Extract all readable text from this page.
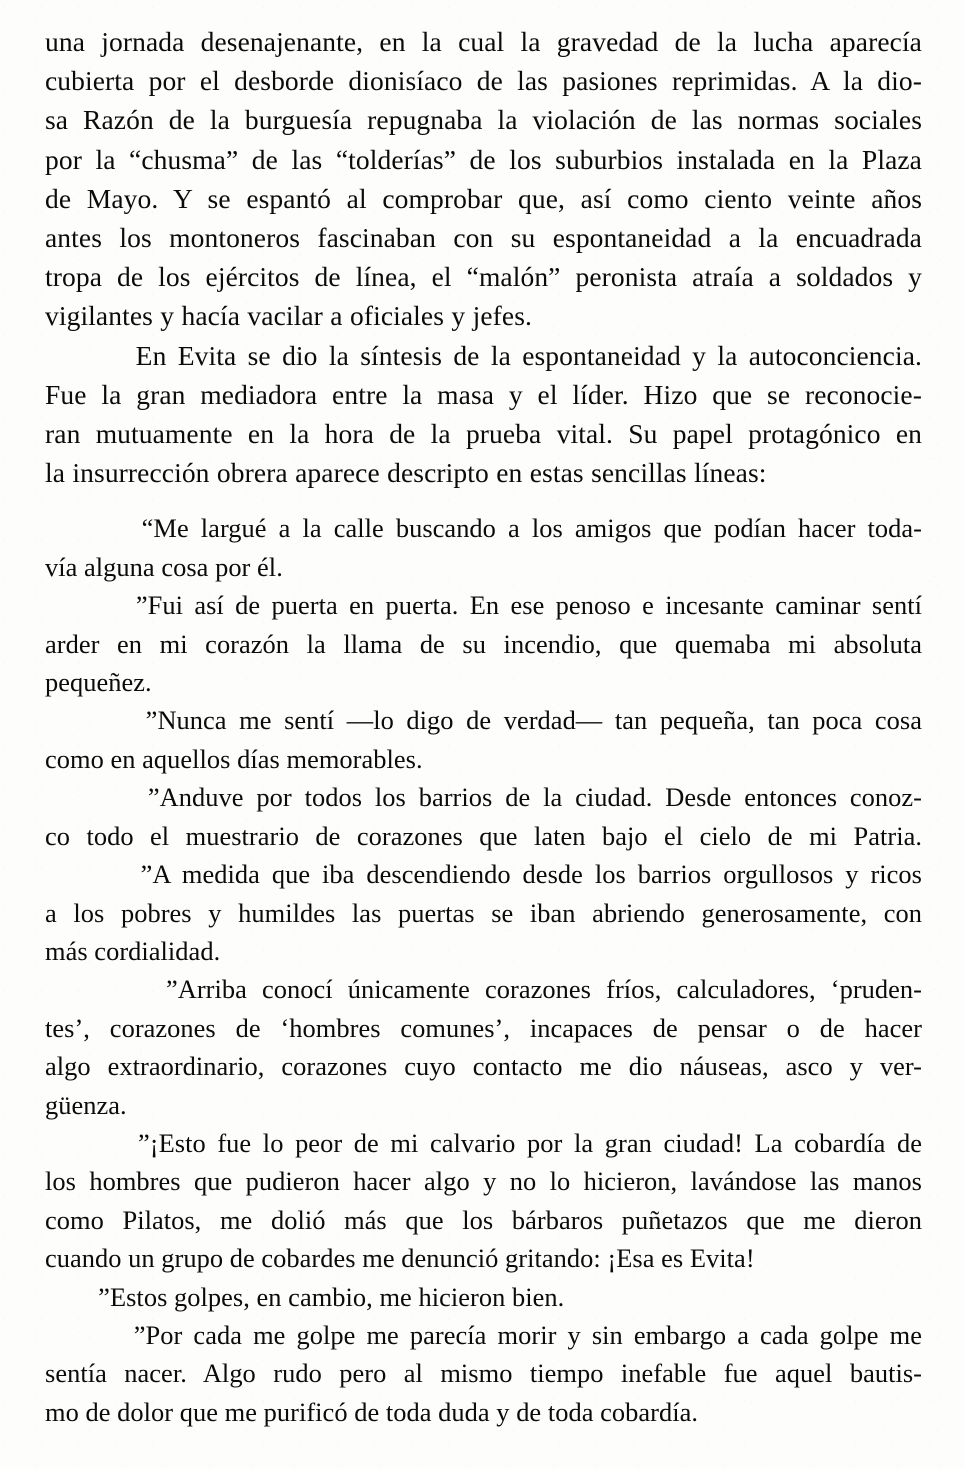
una jornada desenajenante, en la cual la gravedad de la lucha aparecía
cubierta por el desborde dionisíaco de las pasiones reprimidas. A la dio-
sa Razón de la burguesía repugnaba la violación de las normas sociales
por la “chusma” de las “tolderías” de los suburbios instalada en la Plaza
de Mayo. Y se espantó al comprobar que, así como ciento veinte años
antes los montoneros fascinaban con su espontaneidad a la encuadrada
tropa de los ejércitos de línea, el “malón” peronista atraía a soldados y
vigilantes y hacía vacilar a oficiales y jefes.

En Evita se dio la síntesis de la espontaneidad y la autoconciencia.
Fue la gran mediadora entre la masa y el líder. Hizo que se reconocie-
ran mutuamente en la hora de la prueba vital. Su papel protagónico en
la insurrección obrera aparece descripto en estas sencillas líneas:

“Me largué a la calle buscando a los amigos que podían hacer toda-
vía alguna cosa por él.

”Fui así de puerta en puerta. En ese penoso e incesante caminar sentí
arder en mi corazón la llama de su incendio, que quemaba mi absoluta
pequeñez.

”Nunca me sentí —lo digo de verdad— tan pequeña, tan poca cosa
como en aquellos días memorables.

”Anduve por todos los barrios de la ciudad. Desde entonces conoz-
co todo el muestrario de corazones que laten bajo el cielo de mi Patria.

”A medida que iba descendiendo desde los barrios orgullosos y ricos
a los pobres y humildes las puertas se iban abriendo generosamente, con
más cordialidad.

”Arriba conocí únicamente corazones fríos, calculadores, ‘pruden-
tes’, corazones de ‘hombres comunes’, incapaces de pensar o de hacer
algo extraordinario, corazones cuyo contacto me dio náuseas, asco y ver-
güenza.

”¡Esto fue lo peor de mi calvario por la gran ciudad! La cobardía de
los hombres que pudieron hacer algo y no lo hicieron, lavándose las manos
como Pilatos, me dolió más que los bárbaros puñetazos que me dieron
cuando un grupo de cobardes me denunció gritando: ¡Esa es Evita!

”Estos golpes, en cambio, me hicieron bien.

”Por cada me golpe me parecía morir y sin embargo a cada golpe me
sentía nacer. Algo rudo pero al mismo tiempo inefable fue aquel bautis-
mo de dolor que me purificó de toda duda y de toda cobardía.
